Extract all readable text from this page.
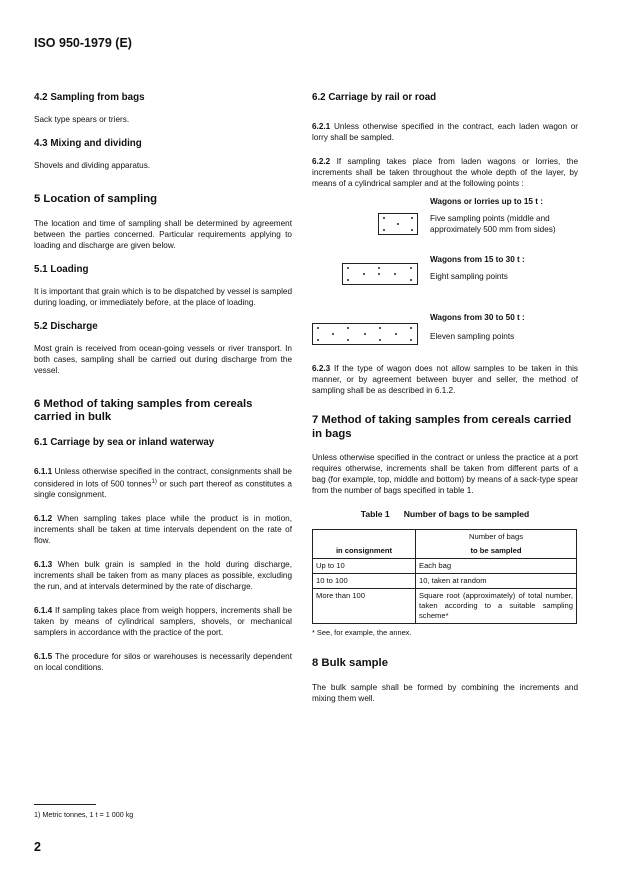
ISO 950-1979 (E)
4.2 Sampling from bags
Sack type spears or triers.
4.3 Mixing and dividing
Shovels and dividing apparatus.
5 Location of sampling
The location and time of sampling shall be determined by agreement between the parties concerned. Particular requirements applying to loading and discharge are given below.
5.1 Loading
It is important that grain which is to be dispatched by vessel is sampled during loading, or immediately before, at the place of loading.
5.2 Discharge
Most grain is received from ocean-going vessels or river transport. In both cases, sampling shall be carried out during discharge from the vessel.
6 Method of taking samples from cereals carried in bulk
6.1 Carriage by sea or inland waterway
6.1.1 Unless otherwise specified in the contract, consignments shall be considered in lots of 500 tonnes$^{1)}$ or such part thereof as constitutes a single consignment.
6.1.2 When sampling takes place while the product is in motion, increments shall be taken at time intervals dependent on the rate of flow.
6.1.3 When bulk grain is sampled in the hold during discharge, increments shall be taken from as many places as possible, excluding the run, and at intervals determined by the rate of discharge.
6.1.4 If sampling takes place from weigh hoppers, increments shall be taken by means of cylindrical samplers, shovels, or mechanical samplers in accordance with the practice of the port.
6.1.5 The procedure for silos or warehouses is necessarily dependent on local conditions.
6.2 Carriage by rail or road
6.2.1 Unless otherwise specified in the contract, each laden wagon or lorry shall be sampled.
6.2.2 If sampling takes place from laden wagons or lorries, the increments shall be taken throughout the whole depth of the layer, by means of a cylindrical sampler and at the following points :
Wagons or lorries up to 15 t :
Five sampling points (middle and approximately 500 mm from sides)
Wagons from 15 to 30 t :
Eight sampling points
Wagons from 30 to 50 t :
Eleven sampling points
6.2.3 If the type of wagon does not allow samples to be taken in this manner, or by agreement between buyer and seller, the method of sampling shall be as described in 6.1.2.
7 Method of taking samples from cereals carried in bags
Unless otherwise specified in the contract or unless the practice at a port requires otherwise, increments shall be taken from different parts of a bag (for example, top, middle and bottom) by means of a sack-type spear from the number of bags specified in table 1.
Table 1 Number of bags to be sampled
	Number of bags
in consignment	to be sampled
Up to 10	Each bag
10 to 100	10, taken at random
More than 100	Square root (approximately) of total number, taken according to a suitable sampling scheme*
* See, for example, the annex.
8 Bulk sample
The bulk sample shall be formed by combining the increments and mixing them well.
1) Metric tonnes, 1 t = 1 000 kg
2
